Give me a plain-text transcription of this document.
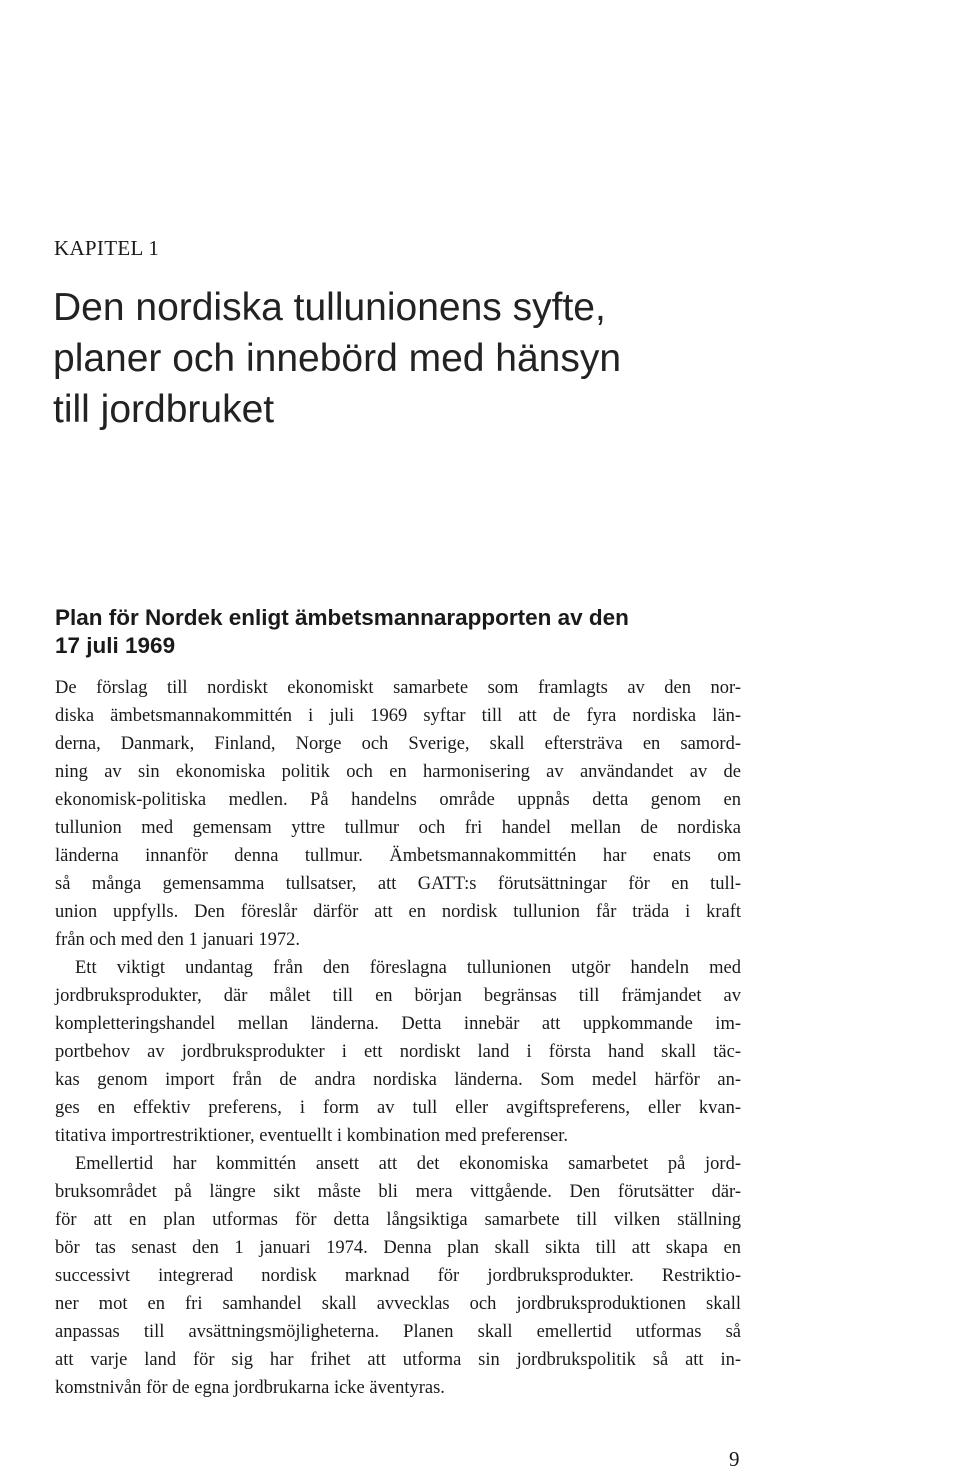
KAPITEL 1
Den nordiska tullunionens syfte,
planer och innebörd med hänsyn
till jordbruket
Plan för Nordek enligt ämbetsmannarapporten av den
17 juli 1969
De förslag till nordiskt ekonomiskt samarbete som framlagts av den nor-
diska ämbetsmannakommittén i juli 1969 syftar till att de fyra nordiska län-
derna, Danmark, Finland, Norge och Sverige, skall eftersträva en samord-
ning av sin ekonomiska politik och en harmonisering av användandet av de
ekonomisk-politiska medlen. På handelns område uppnås detta genom en
tullunion med gemensam yttre tullmur och fri handel mellan de nordiska
länderna innanför denna tullmur. Ämbetsmannakommittén har enats om
så många gemensamma tullsatser, att GATT:s förutsättningar för en tull-
union uppfylls. Den föreslår därför att en nordisk tullunion får träda i kraft
från och med den 1 januari 1972.
Ett viktigt undantag från den föreslagna tullunionen utgör handeln med
jordbruksprodukter, där målet till en början begränsas till främjandet av
kompletteringshandel mellan länderna. Detta innebär att uppkommande im-
portbehov av jordbruksprodukter i ett nordiskt land i första hand skall täc-
kas genom import från de andra nordiska länderna. Som medel härför an-
ges en effektiv preferens, i form av tull eller avgiftspreferens, eller kvan-
titativa importrestriktioner, eventuellt i kombination med preferenser.
Emellertid har kommittén ansett att det ekonomiska samarbetet på jord-
bruksområdet på längre sikt måste bli mera vittgående. Den förutsätter där-
för att en plan utformas för detta långsiktiga samarbete till vilken ställning
bör tas senast den 1 januari 1974. Denna plan skall sikta till att skapa en
successivt integrerad nordisk marknad för jordbruksprodukter. Restriktio-
ner mot en fri samhandel skall avvecklas och jordbruksproduktionen skall
anpassas till avsättningsmöjligheterna. Planen skall emellertid utformas så
att varje land för sig har frihet att utforma sin jordbrukspolitik så att in-
komstnivån för de egna jordbrukarna icke äventyras.
9
